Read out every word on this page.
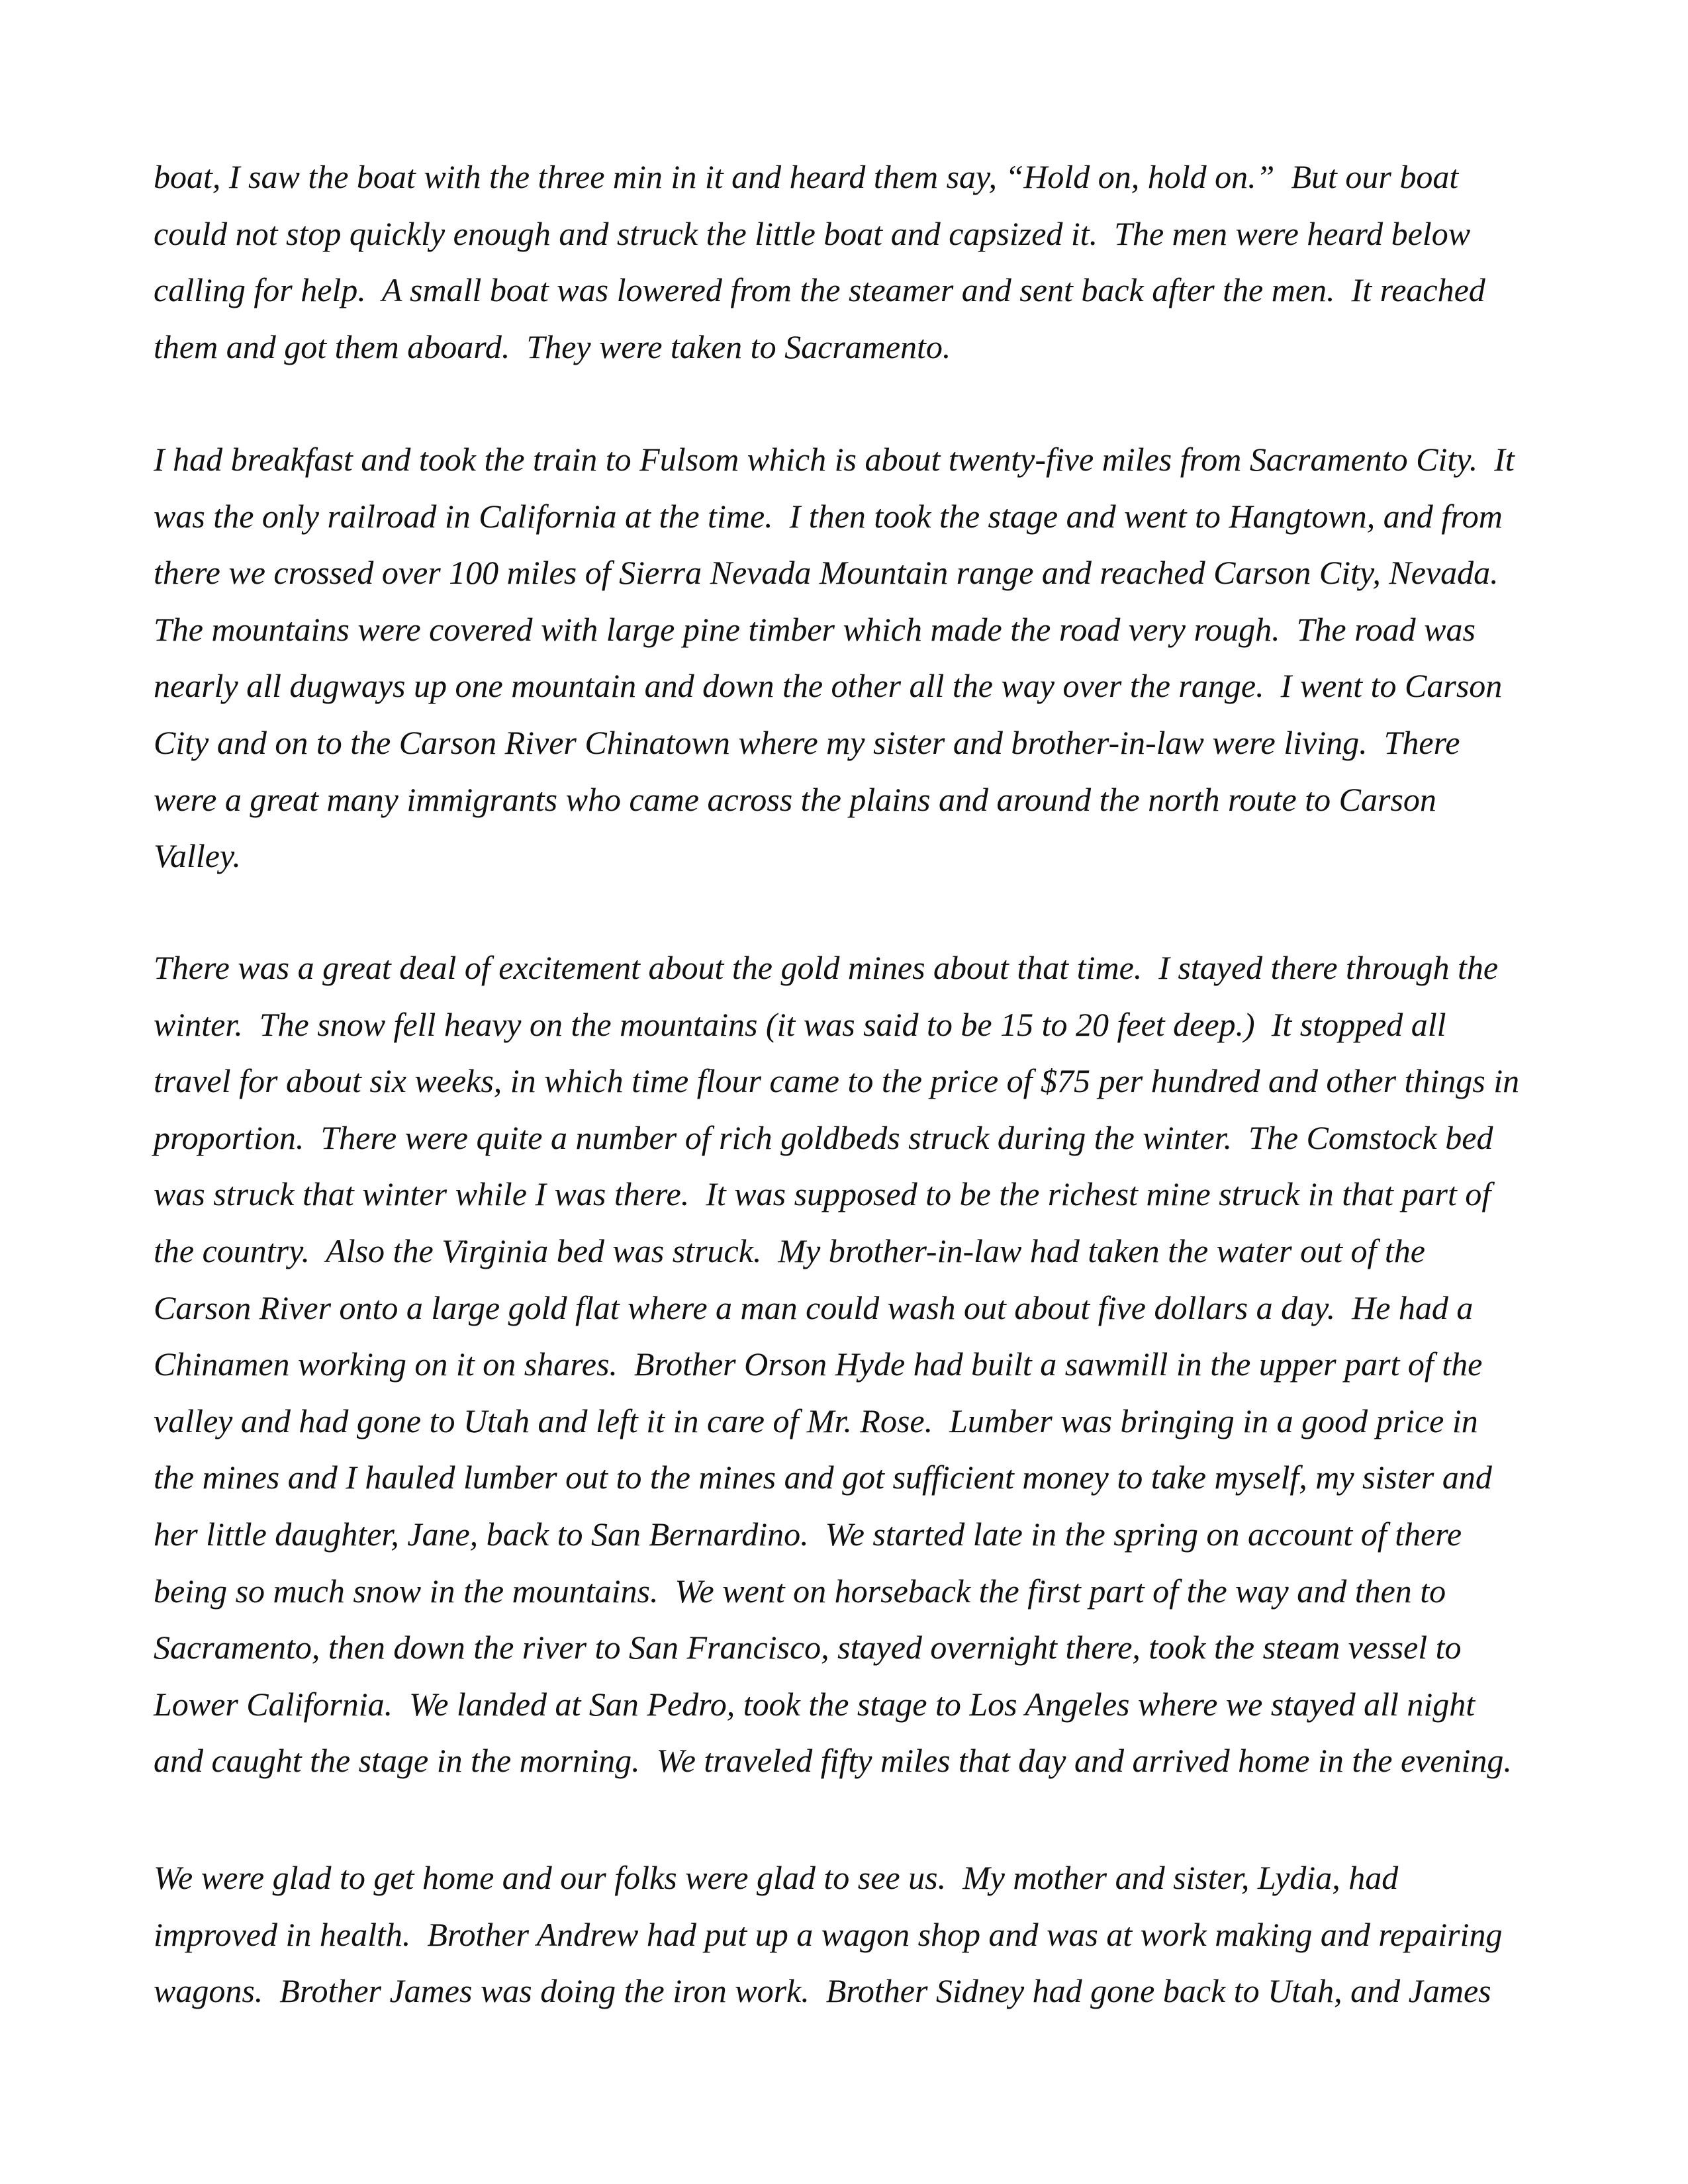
boat, I saw the boat with the three min in it and heard them say, “Hold on, hold on.”  But our boat
could not stop quickly enough and struck the little boat and capsized it.  The men were heard below
calling for help.  A small boat was lowered from the steamer and sent back after the men.  It reached
them and got them aboard.  They were taken to Sacramento.
I had breakfast and took the train to Fulsom which is about twenty-five miles from Sacramento City.  It
was the only railroad in California at the time.  I then took the stage and went to Hangtown, and from
there we crossed over 100 miles of Sierra Nevada Mountain range and reached Carson City, Nevada.
The mountains were covered with large pine timber which made the road very rough.  The road was
nearly all dugways up one mountain and down the other all the way over the range.  I went to Carson
City and on to the Carson River Chinatown where my sister and brother-in-law were living.  There
were a great many immigrants who came across the plains and around the north route to Carson
Valley.
There was a great deal of excitement about the gold mines about that time.  I stayed there through the
winter.  The snow fell heavy on the mountains (it was said to be 15 to 20 feet deep.)  It stopped all
travel for about six weeks, in which time flour came to the price of $75 per hundred and other things in
proportion.  There were quite a number of rich goldbeds struck during the winter.  The Comstock bed
was struck that winter while I was there.  It was supposed to be the richest mine struck in that part of
the country.  Also the Virginia bed was struck.  My brother-in-law had taken the water out of the
Carson River onto a large gold flat where a man could wash out about five dollars a day.  He had a
Chinamen working on it on shares.  Brother Orson Hyde had built a sawmill in the upper part of the
valley and had gone to Utah and left it in care of Mr. Rose.  Lumber was bringing in a good price in
the mines and I hauled lumber out to the mines and got sufficient money to take myself, my sister and
her little daughter, Jane, back to San Bernardino.  We started late in the spring on account of there
being so much snow in the mountains.  We went on horseback the first part of the way and then to
Sacramento, then down the river to San Francisco, stayed overnight there, took the steam vessel to
Lower California.  We landed at San Pedro, took the stage to Los Angeles where we stayed all night
and caught the stage in the morning.  We traveled fifty miles that day and arrived home in the evening.
We were glad to get home and our folks were glad to see us.  My mother and sister, Lydia, had
improved in health.  Brother Andrew had put up a wagon shop and was at work making and repairing
wagons.  Brother James was doing the iron work.  Brother Sidney had gone back to Utah, and James
